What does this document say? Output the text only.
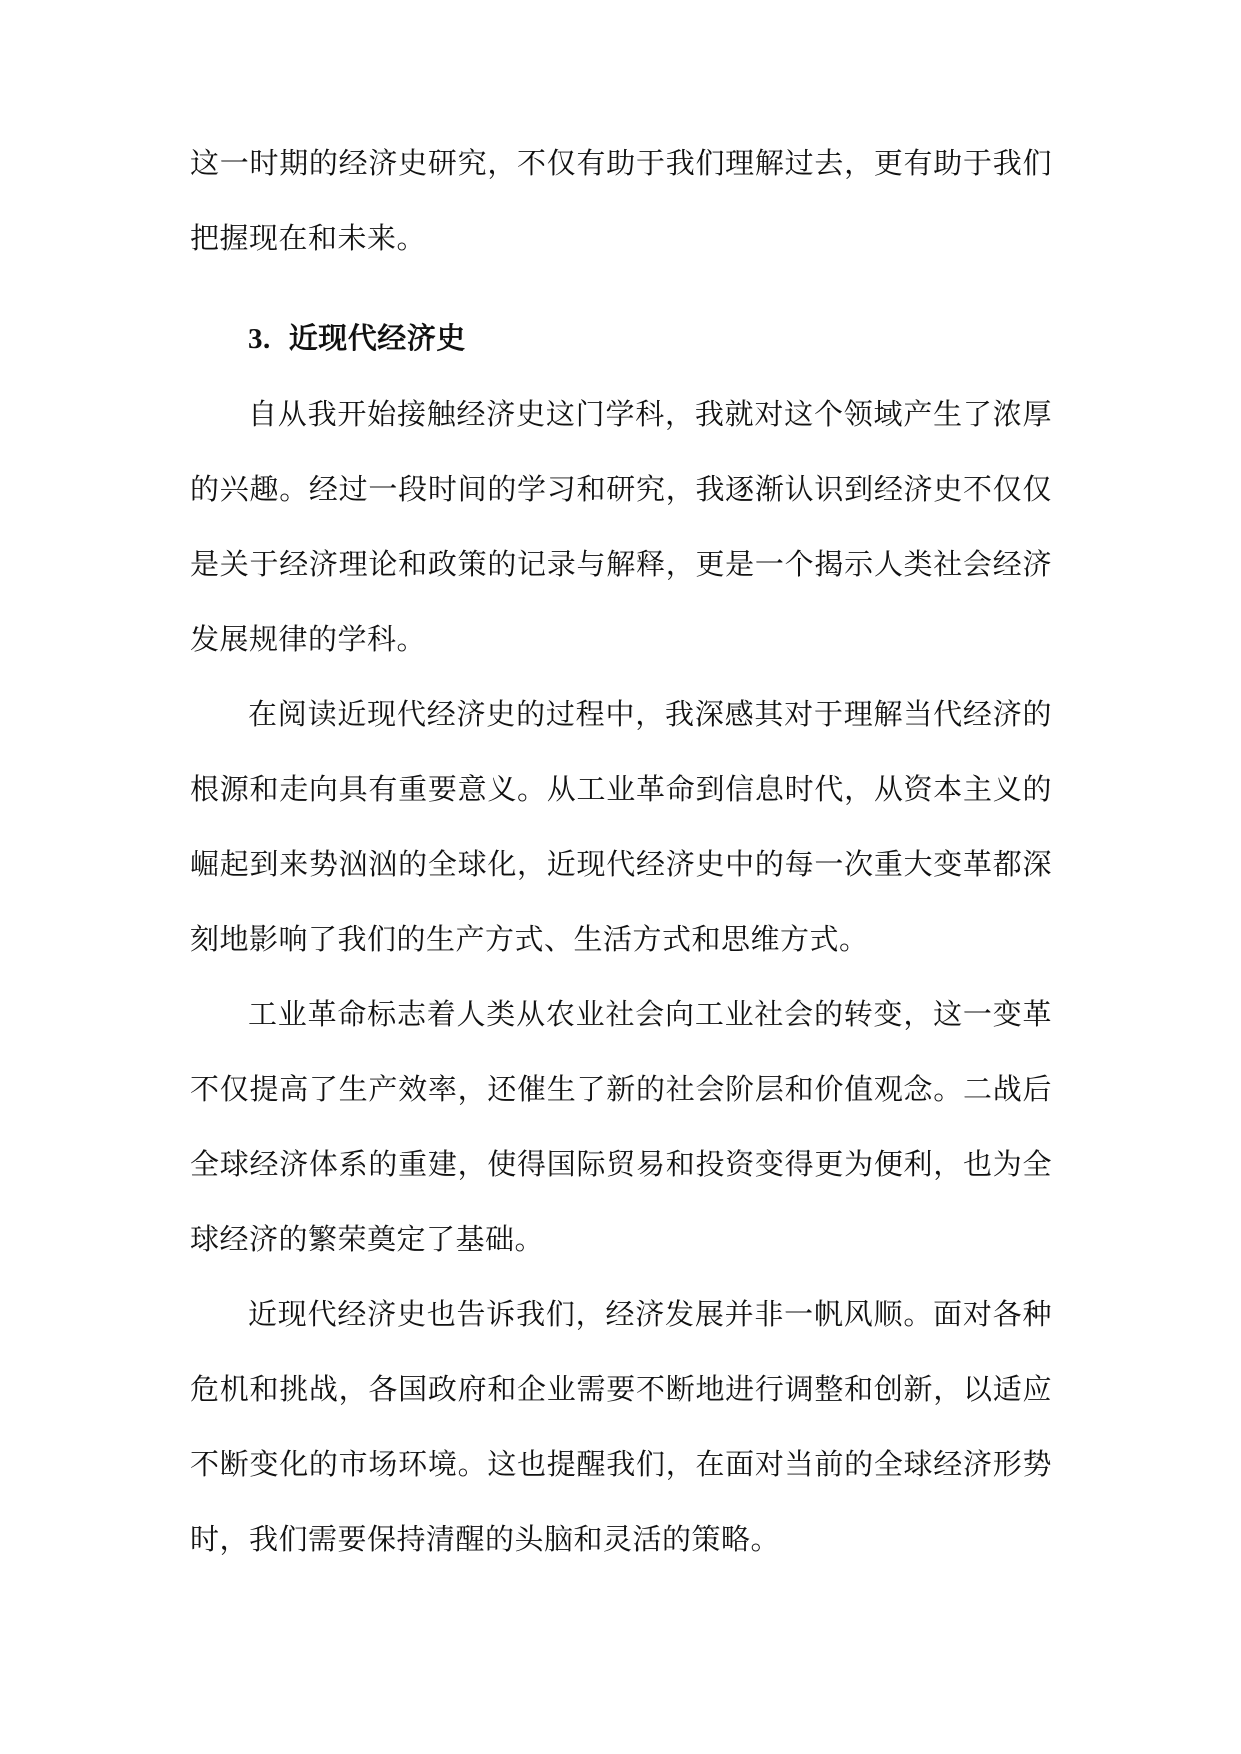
这一时期的经济史研究，不仅有助于我们理解过去，更有助于我们把握现在和未来。

3. 近现代经济史

自从我开始接触经济史这门学科，我就对这个领域产生了浓厚的兴趣。经过一段时间的学习和研究，我逐渐认识到经济史不仅仅是关于经济理论和政策的记录与解释，更是一个揭示人类社会经济发展规律的学科。

在阅读近现代经济史的过程中，我深感其对于理解当代经济的根源和走向具有重要意义。从工业革命到信息时代，从资本主义的崛起到来势汹汹的全球化，近现代经济史中的每一次重大变革都深刻地影响了我们的生产方式、生活方式和思维方式。

工业革命标志着人类从农业社会向工业社会的转变，这一变革不仅提高了生产效率，还催生了新的社会阶层和价值观念。二战后全球经济体系的重建，使得国际贸易和投资变得更为便利，也为全球经济的繁荣奠定了基础。

近现代经济史也告诉我们，经济发展并非一帆风顺。面对各种危机和挑战，各国政府和企业需要不断地进行调整和创新，以适应不断变化的市场环境。这也提醒我们，在面对当前的全球经济形势时，我们需要保持清醒的头脑和灵活的策略。
